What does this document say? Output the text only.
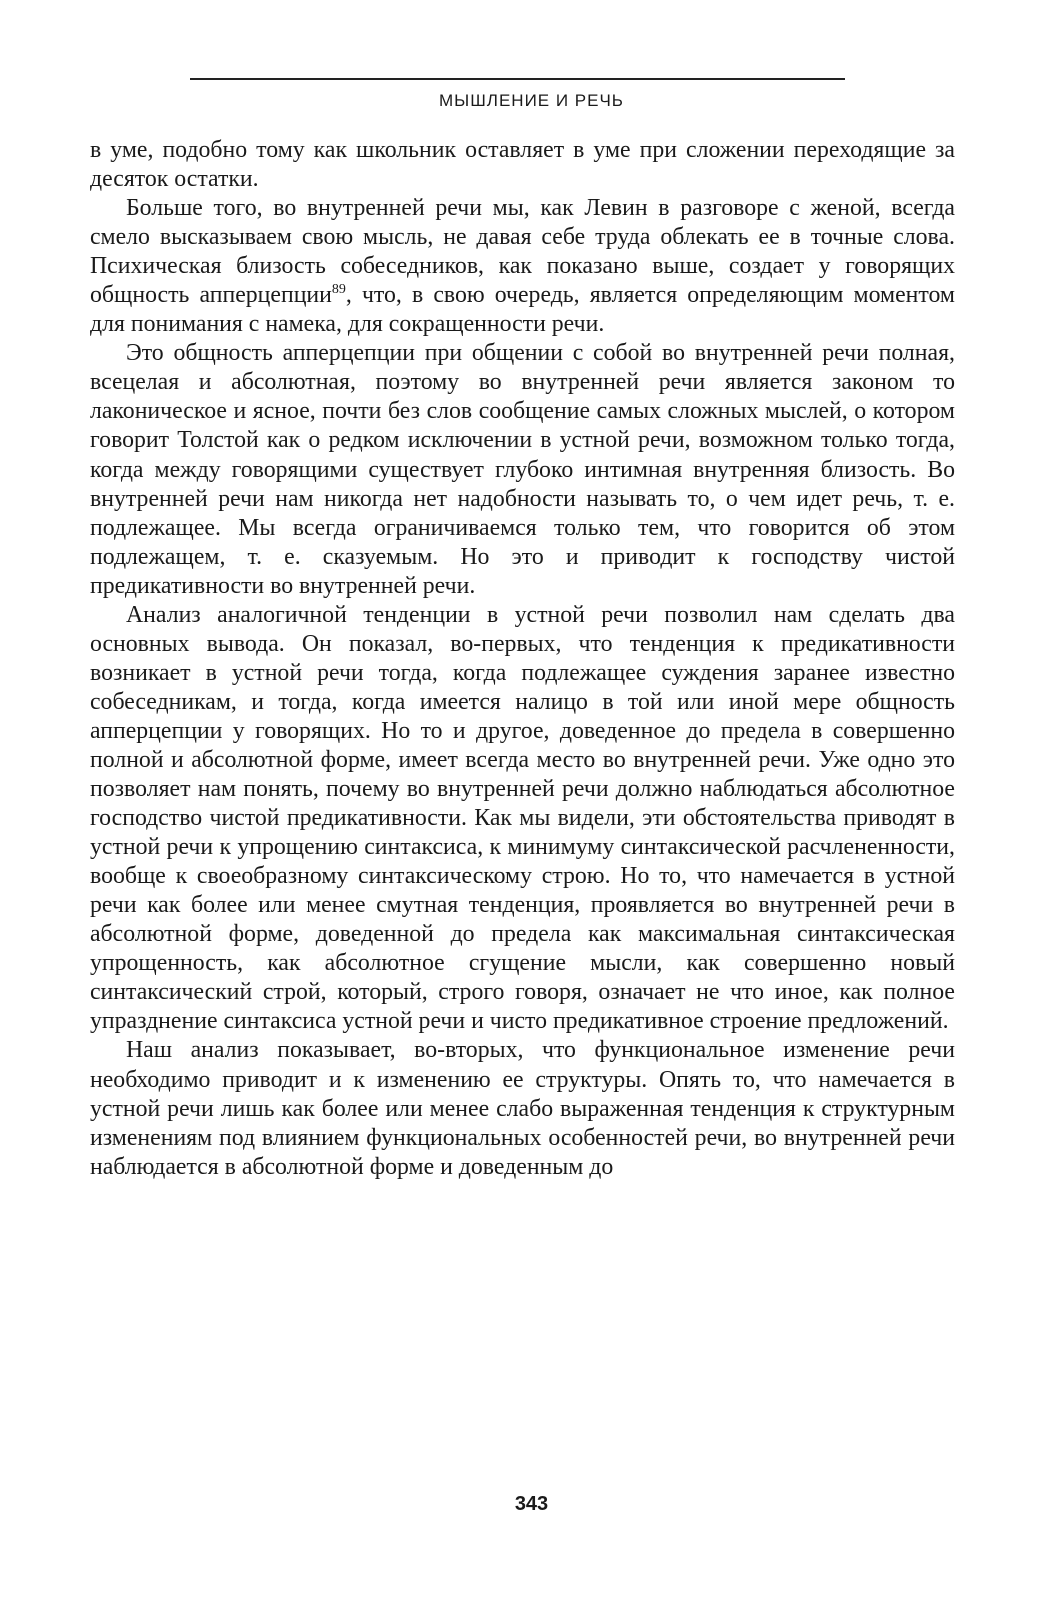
МЫШЛЕНИЕ И РЕЧЬ

в уме, подобно тому как школьник оставляет в уме при сложении переходящие за десяток остатки.

Больше того, во внутренней речи мы, как Левин в разговоре с женой, всегда смело высказываем свою мысль, не давая себе труда облекать ее в точные слова. Психическая близость собеседников, как показано выше, создает у говорящих общность апперцепции$^{89}$, что, в свою очередь, является определяющим моментом для понимания с намека, для сокращенности речи.

Это общность апперцепции при общении с собой во внутренней речи полная, всецелая и абсолютная, поэтому во внутренней речи является законом то лаконическое и ясное, почти без слов сообщение самых сложных мыслей, о котором говорит Толстой как о редком исключении в устной речи, возможном только тогда, когда между говорящими существует глубоко интимная внутренняя близость. Во внутренней речи нам никогда нет надобности называть то, о чем идет речь, т. е. подлежащее. Мы всегда ограничиваемся только тем, что говорится об этом подлежащем, т. е. сказуемым. Но это и приводит к господству чистой предикативности во внутренней речи.

Анализ аналогичной тенденции в устной речи позволил нам сделать два основных вывода. Он показал, во-первых, что тенденция к предикативности возникает в устной речи тогда, когда подлежащее суждения заранее известно собеседникам, и тогда, когда имеется налицо в той или иной мере общность апперцепции у говорящих. Но то и другое, доведенное до предела в совершенно полной и абсолютной форме, имеет всегда место во внутренней речи. Уже одно это позволяет нам понять, почему во внутренней речи должно наблюдаться абсолютное господство чистой предикативности. Как мы видели, эти обстоятельства приводят в устной речи к упрощению синтаксиса, к минимуму синтаксической расчлененности, вообще к своеобразному синтаксическому строю. Но то, что намечается в устной речи как более или менее смутная тенденция, проявляется во внутренней речи в абсолютной форме, доведенной до предела как максимальная синтаксическая упрощенность, как абсолютное сгущение мысли, как совершенно новый синтаксический строй, который, строго говоря, означает не что иное, как полное упразднение синтаксиса устной речи и чисто предикативное строение предложений.

Наш анализ показывает, во-вторых, что функциональное изменение речи необходимо приводит и к изменению ее структуры. Опять то, что намечается в устной речи лишь как более или менее слабо выраженная тенденция к структурным изменениям под влиянием функциональных особенностей речи, во внутренней речи наблюдается в абсолютной форме и доведенным до

343
